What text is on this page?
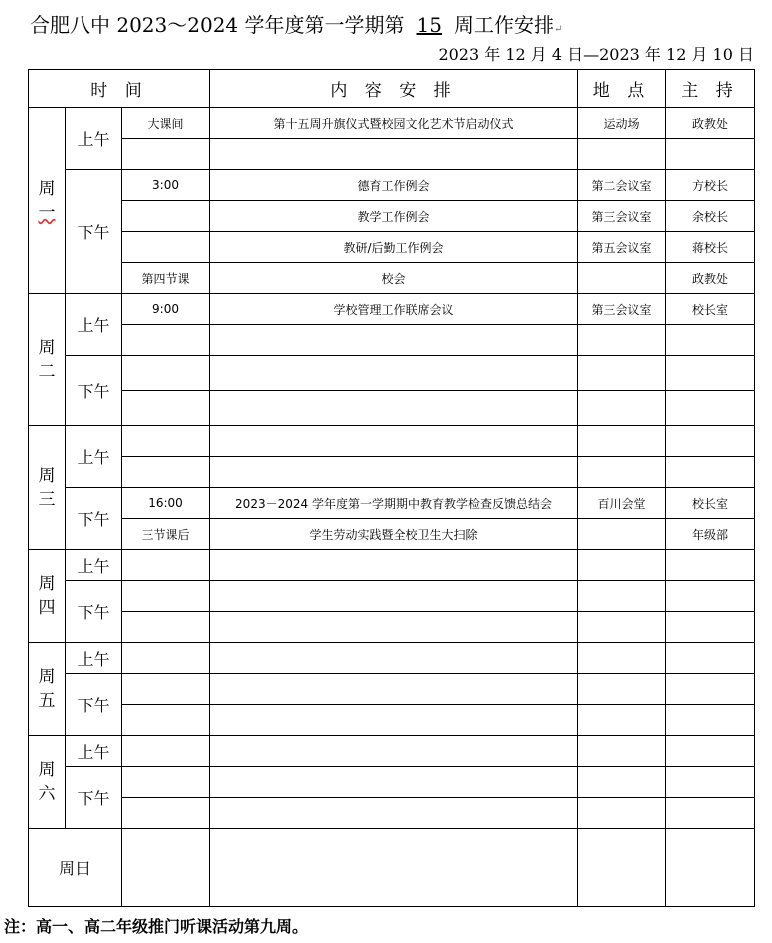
合肥八中 2023～2024 学年度第一学期第 15 周工作安排↵
2023 年 12 月 4 日—2023 年 12 月 10 日
时 间			内 容 安 排	地 点	主 持

周
一	上午	大课间	第十五周升旗仪式暨校园文化艺术节启动仪式	运动场	政教处

	下午	3:00	德育工作例会	第二会议室	方校长
			教学工作例会	第三会议室	余校长
			教研/后勤工作例会	第五会议室	蒋校长
		第四节课	校会		政教处

周
二	上午	9:00	学校管理工作联席会议	第三会议室	校长室

	下午				

周
三	上午				

	下午	16:00	2023－2024 学年度第一学期期中教育教学检查反馈总结会	百川会堂	校长室
		三节课后	学生劳动实践暨全校卫生大扫除		年级部

周
四	上午				
	下午				

周
五	上午				
	下午				

周
六	上午				
	下午				

周日					
注：高一、高二年级推门听课活动第九周。
